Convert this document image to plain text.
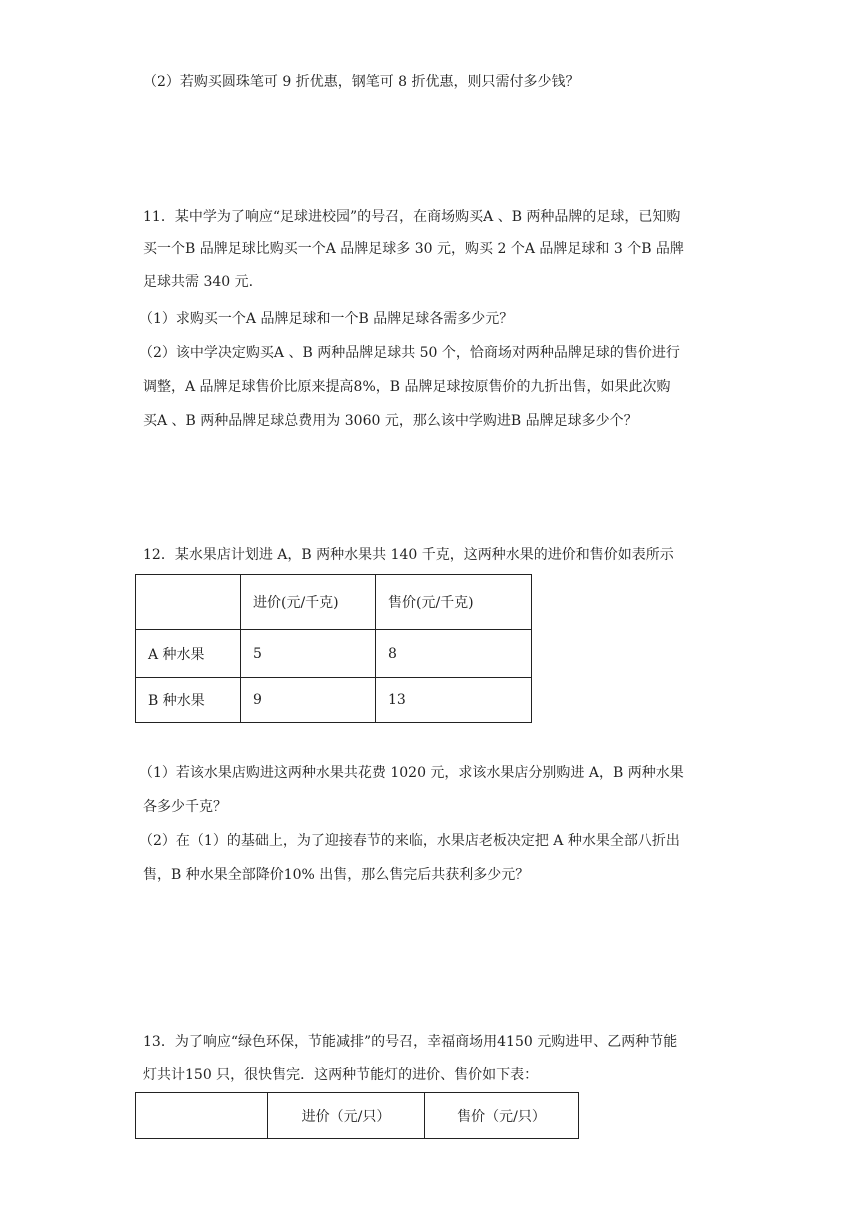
（2）若购买圆珠笔可 9 折优惠，钢笔可 8 折优惠，则只需付多少钱？
11．某中学为了响应“足球进校园”的号召，在商场购买A 、B 两种品牌的足球，已知购
买一个B 品牌足球比购买一个A 品牌足球多 30 元，购买 2 个A 品牌足球和 3 个B 品牌
足球共需 340 元.
（1）求购买一个A 品牌足球和一个B 品牌足球各需多少元？
（2）该中学决定购买A 、B 两种品牌足球共 50 个，恰商场对两种品牌足球的售价进行
调整，A 品牌足球售价比原来提高8%，B 品牌足球按原售价的九折出售，如果此次购
买A 、B 两种品牌足球总费用为 3060 元，那么该中学购进B 品牌足球多少个？
12．某水果店计划进 A，B 两种水果共 140 千克，这两种水果的进价和售价如表所示
	进价(元/千克)	售价(元/千克)
A 种水果	5	8
B 种水果	9	13
（1）若该水果店购进这两种水果共花费 1020 元，求该水果店分别购进 A，B 两种水果
各多少千克？
（2）在（1）的基础上，为了迎接春节的来临，水果店老板决定把 A 种水果全部八折出
售，B 种水果全部降价10% 出售，那么售完后共获利多少元？
13．为了响应“绿色环保，节能减排”的号召，幸福商场用4150 元购进甲、乙两种节能
灯共计150 只，很快售完．这两种节能灯的进价、售价如下表：
	进价（元/只）	售价（元/只）
